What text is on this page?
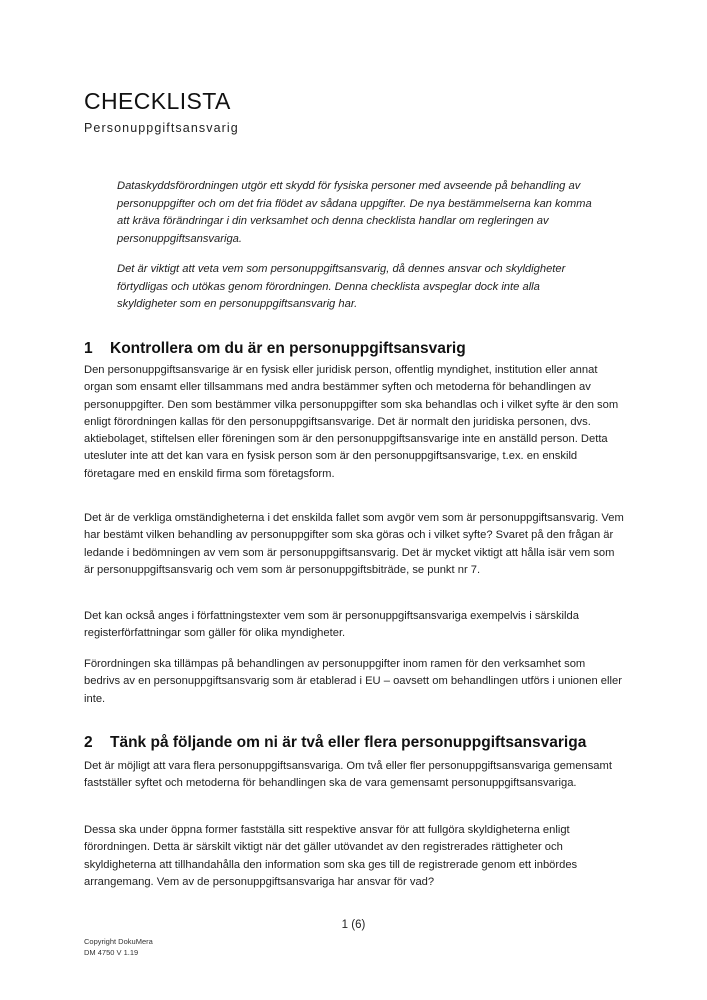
CHECKLISTA
Personuppgiftsansvarig

Dataskyddsförordningen utgör ett skydd för fysiska personer med avseende på behandling av personuppgifter och om det fria flödet av sådana uppgifter. De nya bestämmelserna kan komma att kräva förändringar i din verksamhet och denna checklista handlar om regleringen av personuppgiftsansvariga.

Det är viktigt att veta vem som personuppgiftsansvarig, då dennes ansvar och skyldigheter förtydligas och utökas genom förordningen. Denna checklista avspeglar dock inte alla skyldigheter som en personuppgiftsansvarig har.

1 Kontrollera om du är en personuppgiftsansvarig

Den personuppgiftsansvarige är en fysisk eller juridisk person, offentlig myndighet, institution eller annat organ som ensamt eller tillsammans med andra bestämmer syften och metoderna för behandlingen av personuppgifter. Den som bestämmer vilka personuppgifter som ska behandlas och i vilket syfte är den som enligt förordningen kallas för den personuppgiftsansvarige. Det är normalt den juridiska personen, dvs. aktiebolaget, stiftelsen eller föreningen som är den personuppgiftsansvarige inte en anställd person. Detta utesluter inte att det kan vara en fysisk person som är den personuppgiftsansvarige, t.ex. en enskild företagare med en enskild firma som företagsform.

Det är de verkliga omständigheterna i det enskilda fallet som avgör vem som är personuppgiftsansvarig. Vem har bestämt vilken behandling av personuppgifter som ska göras och i vilket syfte? Svaret på den frågan är ledande i bedömningen av vem som är personuppgiftsansvarig. Det är mycket viktigt att hålla isär vem som är personuppgiftsansvarig och vem som är personuppgiftsbiträde, se punkt nr 7.

Det kan också anges i författningstexter vem som är personuppgiftsansvariga exempelvis i särskilda registerförfattningar som gäller för olika myndigheter.

Förordningen ska tillämpas på behandlingen av personuppgifter inom ramen för den verksamhet som bedrivs av en personuppgiftsansvarig som är etablerad i EU – oavsett om behandlingen utförs i unionen eller inte.

2 Tänk på följande om ni är två eller flera personuppgiftsansvariga

Det är möjligt att vara flera personuppgiftsansvariga. Om två eller fler personuppgiftsansvariga gemensamt fastställer syftet och metoderna för behandlingen ska de vara gemensamt personuppgiftsansvariga.

Dessa ska under öppna former fastställa sitt respektive ansvar för att fullgöra skyldigheterna enligt förordningen. Detta är särskilt viktigt när det gäller utövandet av den registrerades rättigheter och skyldigheterna att tillhandahålla den information som ska ges till de registrerade genom ett inbördes arrangemang. Vem av de personuppgiftsansvariga har ansvar för vad?

1 (6)
Copyright DokuMera
DM 4750 V 1.19
